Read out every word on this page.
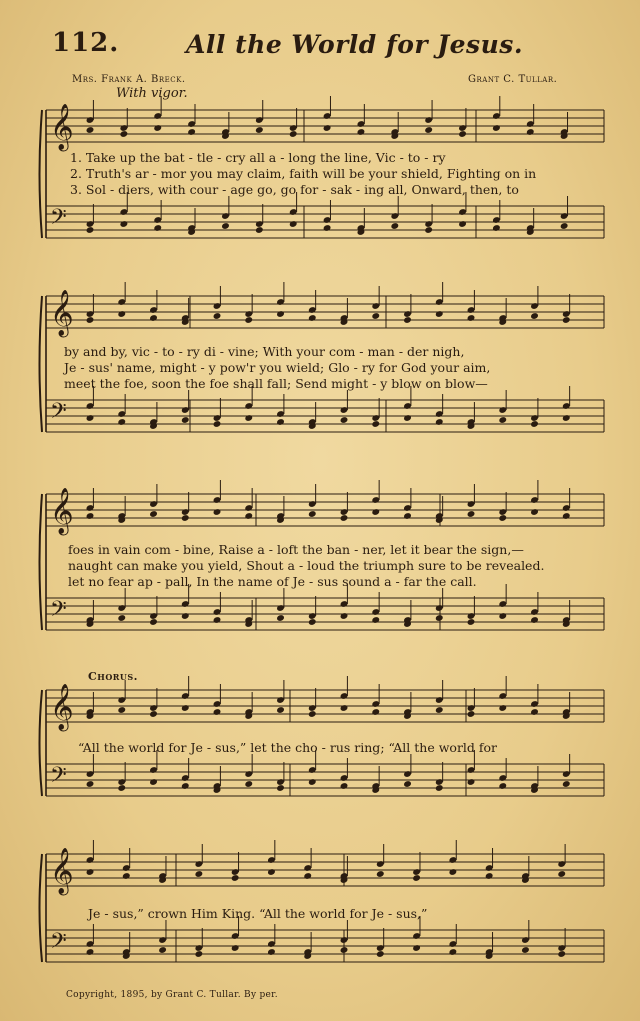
𝄞
𝄢
𝄞
𝄢
𝄞
𝄢
𝄞
𝄢
𝄞
𝄢
112.	All the World for Jesus.
Mrs. Frank A. Breck.	Grant C. Tullar.
With vigor.
Chorus.
1. Take up the bat - tle - cry all a - long the line, Vic - to - ry
2. Truth's ar - mor you may claim, faith will be your shield, Fighting on in
3. Sol - diers, with cour - age go, go for - sak - ing all, Onward, then, to
by and by, vic - to - ry di - vine; With your com - man - der nigh,
Je - sus' name, might - y pow'r you wield; Glo - ry for God your aim,
meet the foe, soon the foe shall fall; Send might - y blow on blow—
foes in vain com - bine, Raise a - loft the ban - ner, let it bear the sign,—
naught can make you yield, Shout a - loud the triumph sure to be revealed.
let no fear ap - pall, In the name of Je - sus sound a - far the call.
“All the world for Je - sus,” let the cho - rus ring; “All the world for
Je - sus,” crown Him King. “All the world for Je - sus,”
Copyright, 1895, by Grant C. Tullar. By per.
